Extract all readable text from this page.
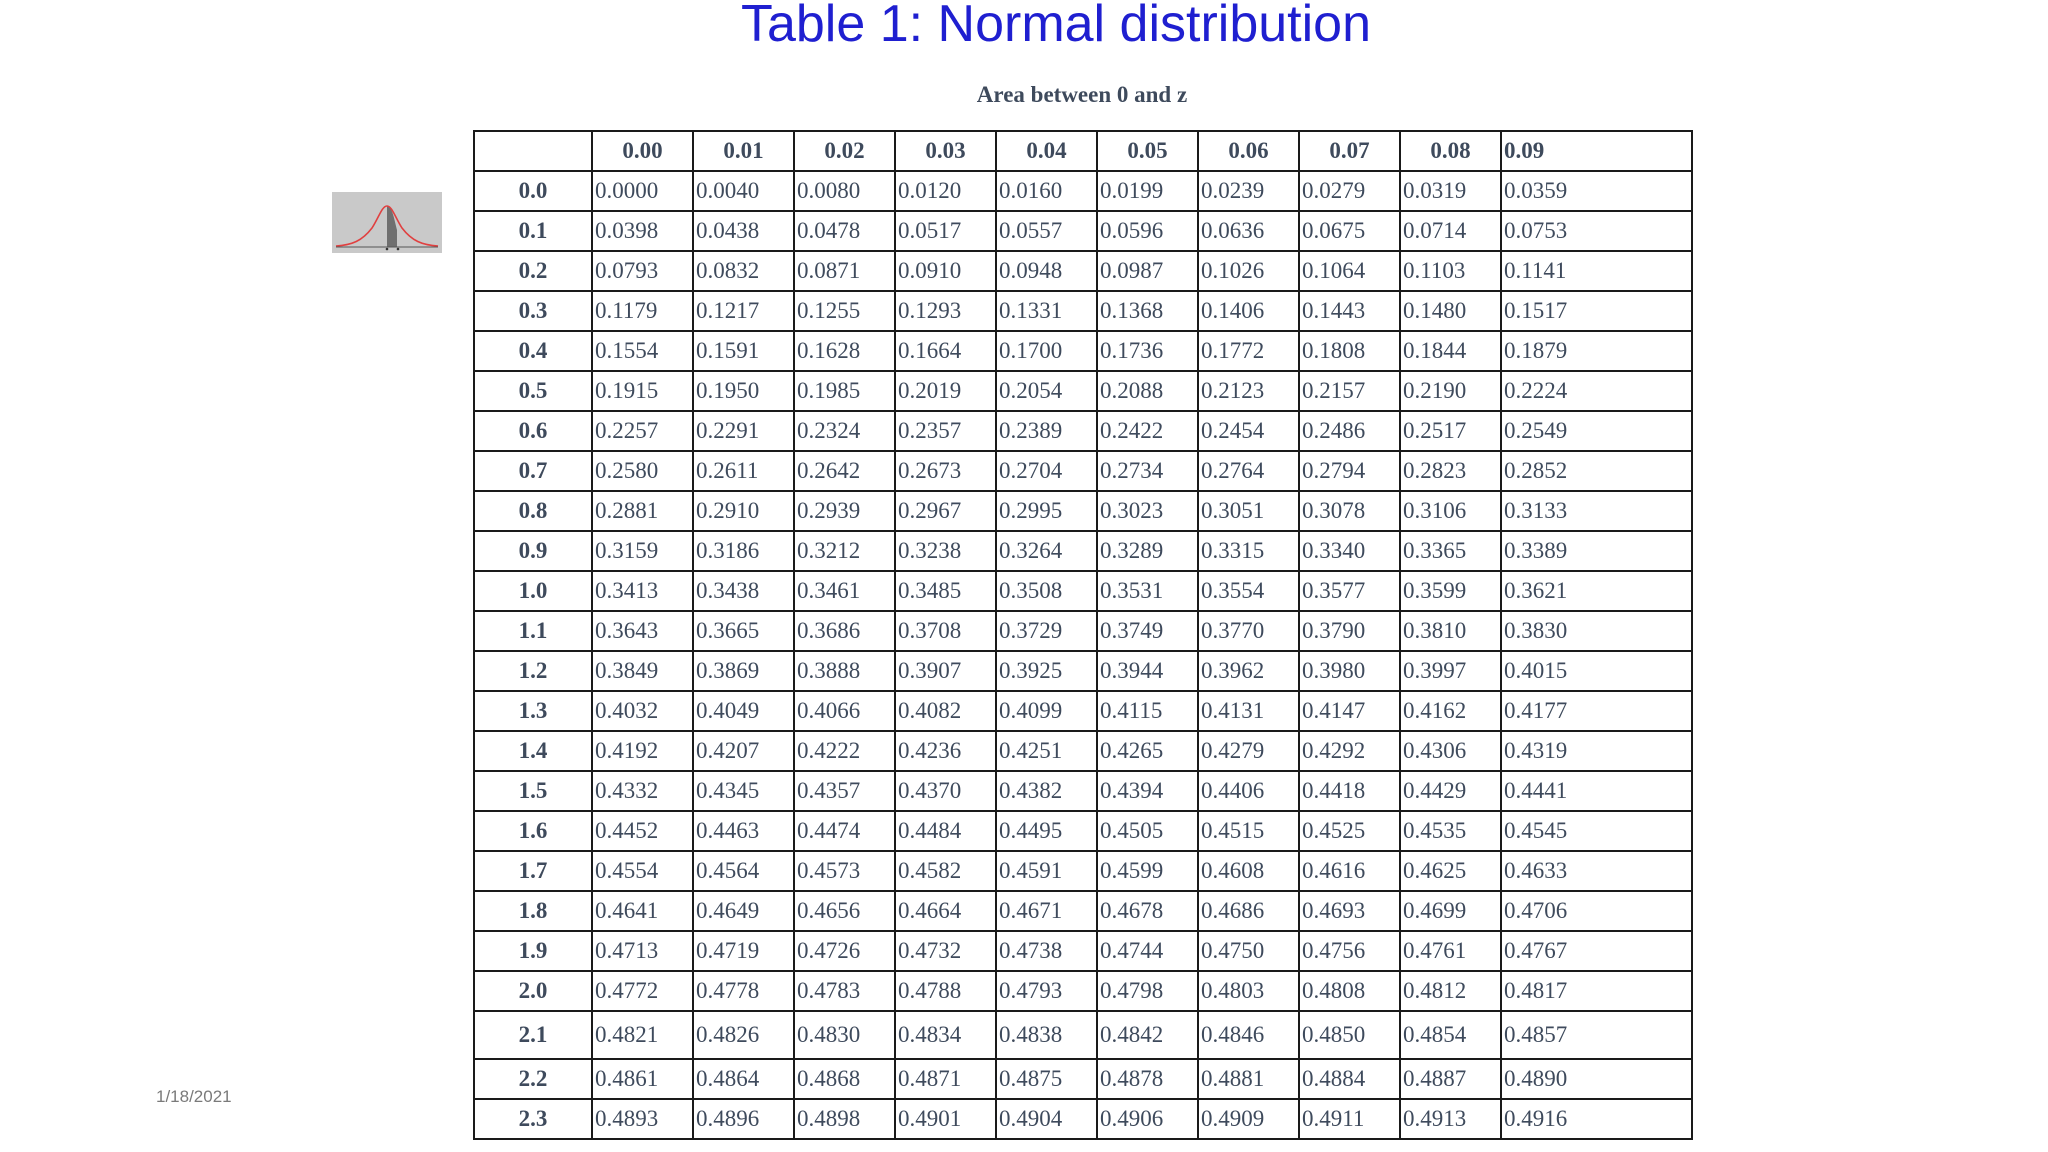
Table 1: Normal distribution
Area between 0 and z
	0.00	0.01	0.02	0.03	0.04	0.05	0.06	0.07	0.08	0.09
0.0	0.0000	0.0040	0.0080	0.0120	0.0160	0.0199	0.0239	0.0279	0.0319	0.0359
0.1	0.0398	0.0438	0.0478	0.0517	0.0557	0.0596	0.0636	0.0675	0.0714	0.0753
0.2	0.0793	0.0832	0.0871	0.0910	0.0948	0.0987	0.1026	0.1064	0.1103	0.1141
0.3	0.1179	0.1217	0.1255	0.1293	0.1331	0.1368	0.1406	0.1443	0.1480	0.1517
0.4	0.1554	0.1591	0.1628	0.1664	0.1700	0.1736	0.1772	0.1808	0.1844	0.1879
0.5	0.1915	0.1950	0.1985	0.2019	0.2054	0.2088	0.2123	0.2157	0.2190	0.2224
0.6	0.2257	0.2291	0.2324	0.2357	0.2389	0.2422	0.2454	0.2486	0.2517	0.2549
0.7	0.2580	0.2611	0.2642	0.2673	0.2704	0.2734	0.2764	0.2794	0.2823	0.2852
0.8	0.2881	0.2910	0.2939	0.2967	0.2995	0.3023	0.3051	0.3078	0.3106	0.3133
0.9	0.3159	0.3186	0.3212	0.3238	0.3264	0.3289	0.3315	0.3340	0.3365	0.3389
1.0	0.3413	0.3438	0.3461	0.3485	0.3508	0.3531	0.3554	0.3577	0.3599	0.3621
1.1	0.3643	0.3665	0.3686	0.3708	0.3729	0.3749	0.3770	0.3790	0.3810	0.3830
1.2	0.3849	0.3869	0.3888	0.3907	0.3925	0.3944	0.3962	0.3980	0.3997	0.4015
1.3	0.4032	0.4049	0.4066	0.4082	0.4099	0.4115	0.4131	0.4147	0.4162	0.4177
1.4	0.4192	0.4207	0.4222	0.4236	0.4251	0.4265	0.4279	0.4292	0.4306	0.4319
1.5	0.4332	0.4345	0.4357	0.4370	0.4382	0.4394	0.4406	0.4418	0.4429	0.4441
1.6	0.4452	0.4463	0.4474	0.4484	0.4495	0.4505	0.4515	0.4525	0.4535	0.4545
1.7	0.4554	0.4564	0.4573	0.4582	0.4591	0.4599	0.4608	0.4616	0.4625	0.4633
1.8	0.4641	0.4649	0.4656	0.4664	0.4671	0.4678	0.4686	0.4693	0.4699	0.4706
1.9	0.4713	0.4719	0.4726	0.4732	0.4738	0.4744	0.4750	0.4756	0.4761	0.4767
2.0	0.4772	0.4778	0.4783	0.4788	0.4793	0.4798	0.4803	0.4808	0.4812	0.4817
2.1	0.4821	0.4826	0.4830	0.4834	0.4838	0.4842	0.4846	0.4850	0.4854	0.4857
2.2	0.4861	0.4864	0.4868	0.4871	0.4875	0.4878	0.4881	0.4884	0.4887	0.4890
2.3	0.4893	0.4896	0.4898	0.4901	0.4904	0.4906	0.4909	0.4911	0.4913	0.4916
1/18/2021
